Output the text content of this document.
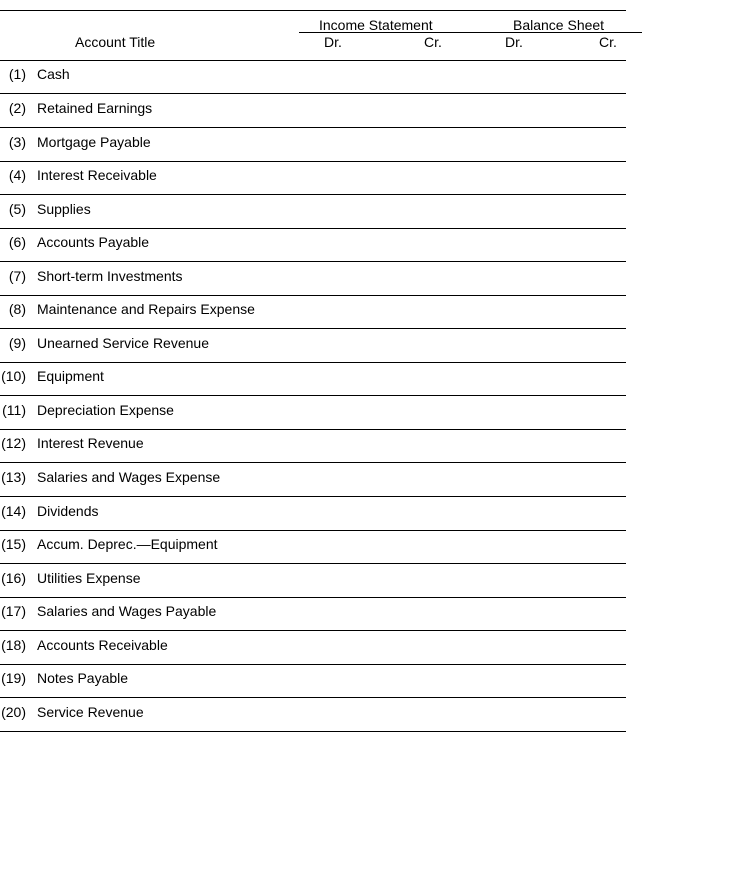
Income Statement	Balance Sheet
Account Title	Dr.	Cr.	Dr.	Cr.
(1) Cash
(2) Retained Earnings
(3) Mortgage Payable
(4) Interest Receivable
(5) Supplies
(6) Accounts Payable
(7) Short-term Investments
(8) Maintenance and Repairs Expense
(9) Unearned Service Revenue
(10) Equipment
(11) Depreciation Expense
(12) Interest Revenue
(13) Salaries and Wages Expense
(14) Dividends
(15) Accum. Deprec.—Equipment
(16) Utilities Expense
(17) Salaries and Wages Payable
(18) Accounts Receivable
(19) Notes Payable
(20) Service Revenue
